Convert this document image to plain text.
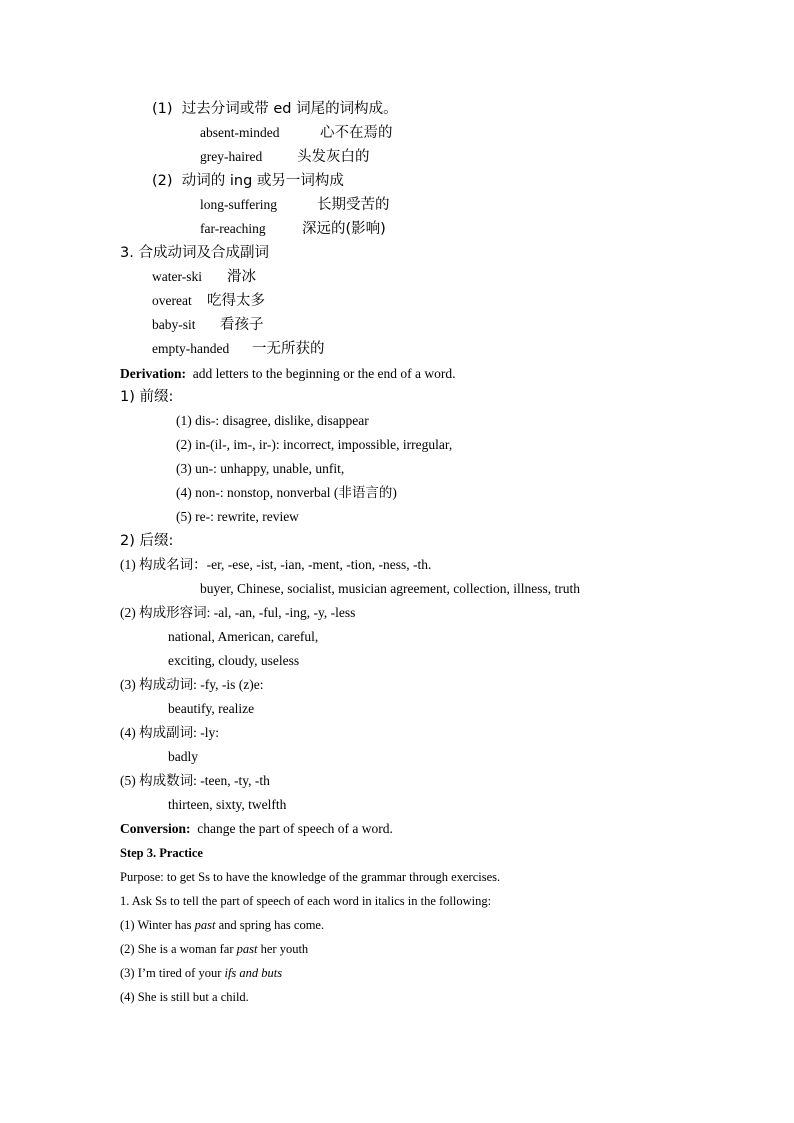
(1) 过去分词或带 ed 词尾的词构成。
absent-minded	心不在焉的
grey-haired 头发灰白的
(2) 动词的 ing 或另一词构成
long-suffering	长期受苦的
far-reaching	深远的(影响)
3. 合成动词及合成副词
water-ski 滑冰
overeat 吃得太多
baby-sit 看孩子
empty-handed 一无所获的
Derivation: add letters to the beginning or the end of a word.
1) 前缀:
(1) dis-: disagree, dislike, disappear
(2) in-(il-, im-, ir-): incorrect, impossible, irregular,
(3) un-: unhappy, unable, unfit,
(4) non-: nonstop, nonverbal (非语言的)
(5) re-: rewrite, review
2) 后缀:
(1) 构成名词：-er, -ese, -ist, -ian, -ment, -tion, -ness, -th.
buyer, Chinese, socialist, musician agreement, collection, illness, truth
(2) 构成形容词: -al, -an, -ful, -ing, -y, -less
national, American, careful,
exciting, cloudy, useless
(3) 构成动词: -fy, -is (z)e:
beautify, realize
(4) 构成副词: -ly:
badly
(5) 构成数词: -teen, -ty, -th
thirteen, sixty, twelfth
Conversion: change the part of speech of a word.
Step 3. Practice
Purpose: to get Ss to have the knowledge of the grammar through exercises.
1. Ask Ss to tell the part of speech of each word in italics in the following:
(1) Winter has past and spring has come.
(2) She is a woman far past her youth
(3) I’m tired of your ifs and buts
(4) She is still but a child.
